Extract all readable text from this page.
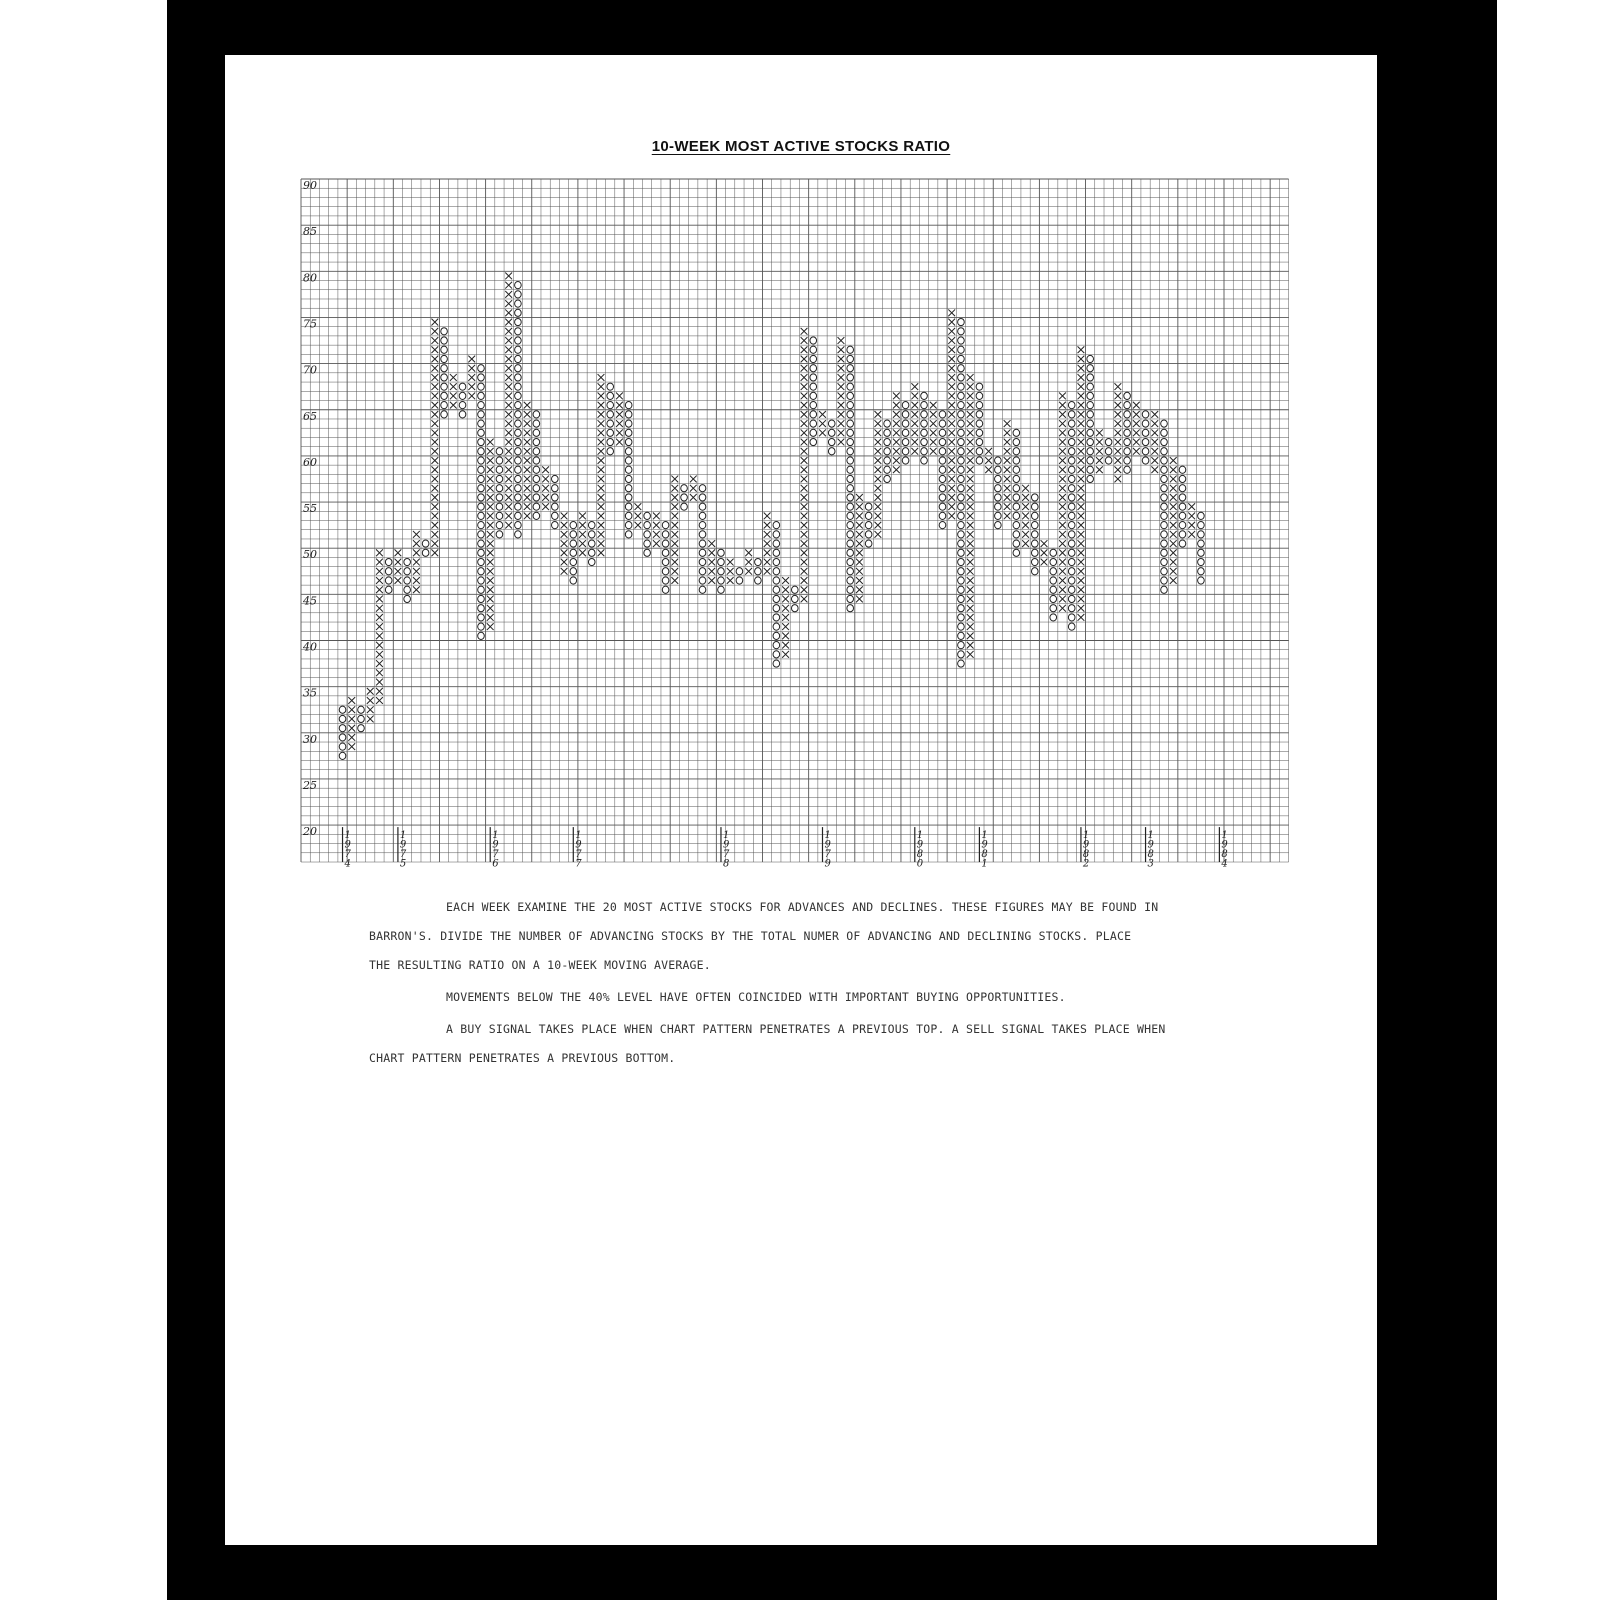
10-WEEK MOST ACTIVE STOCKS RATIO
90
85
80
75
70
65
60
55
50
45
40
35
30
25
20	1
9
7
4
1
9
7
5
1
9
7
6
1
9
7
7
1
9
7
8
1
9
7
9
1
9
8
0
1
9
8
1
1
9
8
2
1
9
8
3
1
9
8
4

EACH WEEK EXAMINE THE 20 MOST ACTIVE STOCKS FOR ADVANCES AND DECLINES. THESE FIGURES MAY BE FOUND IN

BARRON'S. DIVIDE THE NUMBER OF ADVANCING STOCKS BY THE TOTAL NUMER OF ADVANCING AND DECLINING STOCKS. PLACE

THE RESULTING RATIO ON A 10-WEEK MOVING AVERAGE.

MOVEMENTS BELOW THE 40% LEVEL HAVE OFTEN COINCIDED WITH IMPORTANT BUYING OPPORTUNITIES.

A BUY SIGNAL TAKES PLACE WHEN CHART PATTERN PENETRATES A PREVIOUS TOP. A SELL SIGNAL TAKES PLACE WHEN

CHART PATTERN PENETRATES A PREVIOUS BOTTOM.
